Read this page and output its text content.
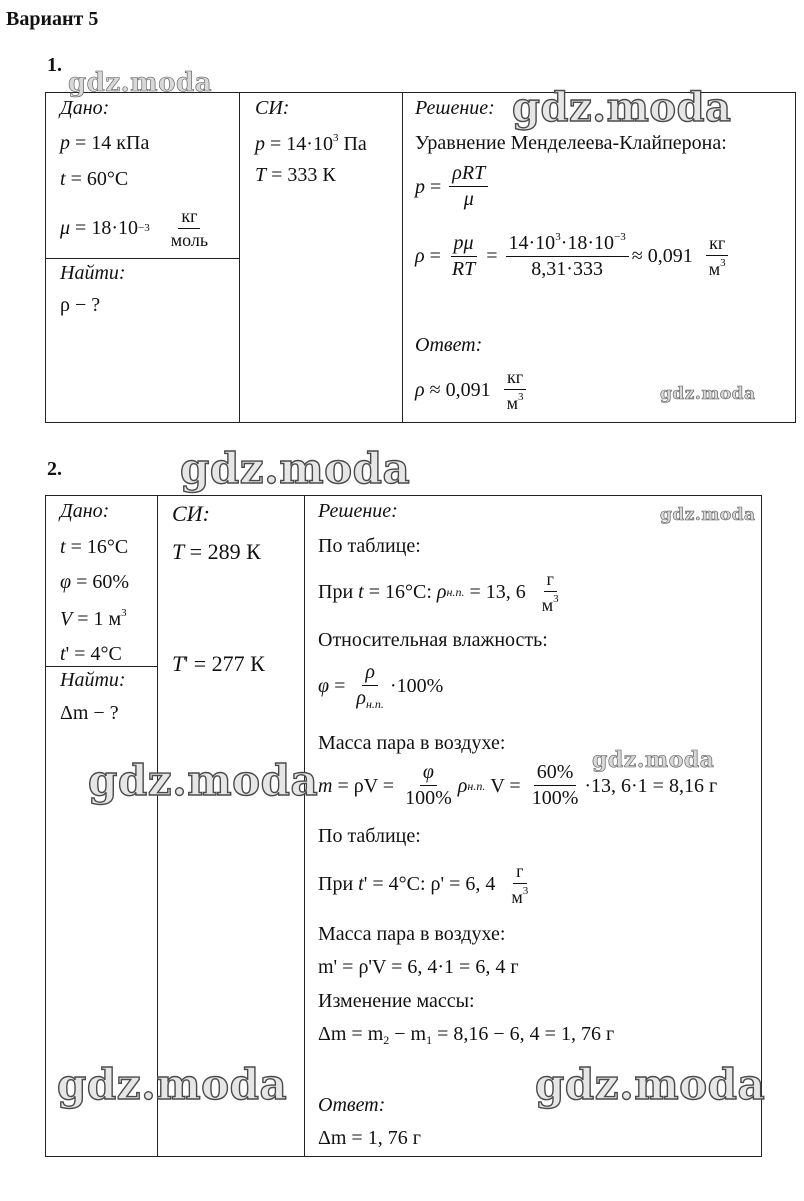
Вариант 5
1.
Дано:
p = 14 кПа
t = 60°C
μ
= 18·10 −3
$\frac{кг}{\text{моль}}$
Найти:
ρ − ?
СИ:
$p = 14\cdot 10^3$ Па
T = 333 К
Решение:
Уравнение Менделеева-Клайперона:
$p = \frac{\text{ρRT}}{\mu}$
$\rho = \frac{p\mu}{RT} = \frac{14\cdot 10^3\cdot 18\cdot 10^{-3}}{8,31\cdot 333} \approx 0,091$
$\frac{кг}{м^3}$
Ответ:
ρ
≈ 0,091
$\frac{кг}{м^3}$
2.
Дано:
t = 16°C
φ = 60%
V = 1 $м^3$
t' = 4°C
Найти:
Δm − ?
СИ:
T = 289 К
T' = 277 К
Решение:
По таблице:
При
t
= 16°C:
ρ н.п.
= 13, 6
$\frac{г}{м^3}$
Относительная влажность:
φ
=
$\frac{\rho}{\rho_{н.п.}} \cdot 100\%$
Масса пара в воздухе:
m
= ρV =
$\frac{\varphi}{100\%}$ ρ н.п.
V =
$\frac{60\%}{100\%} \cdot 13$, 6·1 = 8,16 г
По таблице:
При
t ' = 4°C:
ρ' = 6, 4
$\frac{г}{м^3}$
Масса пара в воздухе:
m' = ρ'V = 6, 4·1 = 6, 4 г
Изменение массы:
$\Delta m = m_2 - m_1 = 8,16 - 6$, 4 = 1, 76 г
Ответ:
Δm = 1, 76 г
gdz.moda
gdz.moda
gdz.moda
gdz.moda
gdz.moda
gdz.moda	gdz.moda
gdz.moda	gdz.moda
